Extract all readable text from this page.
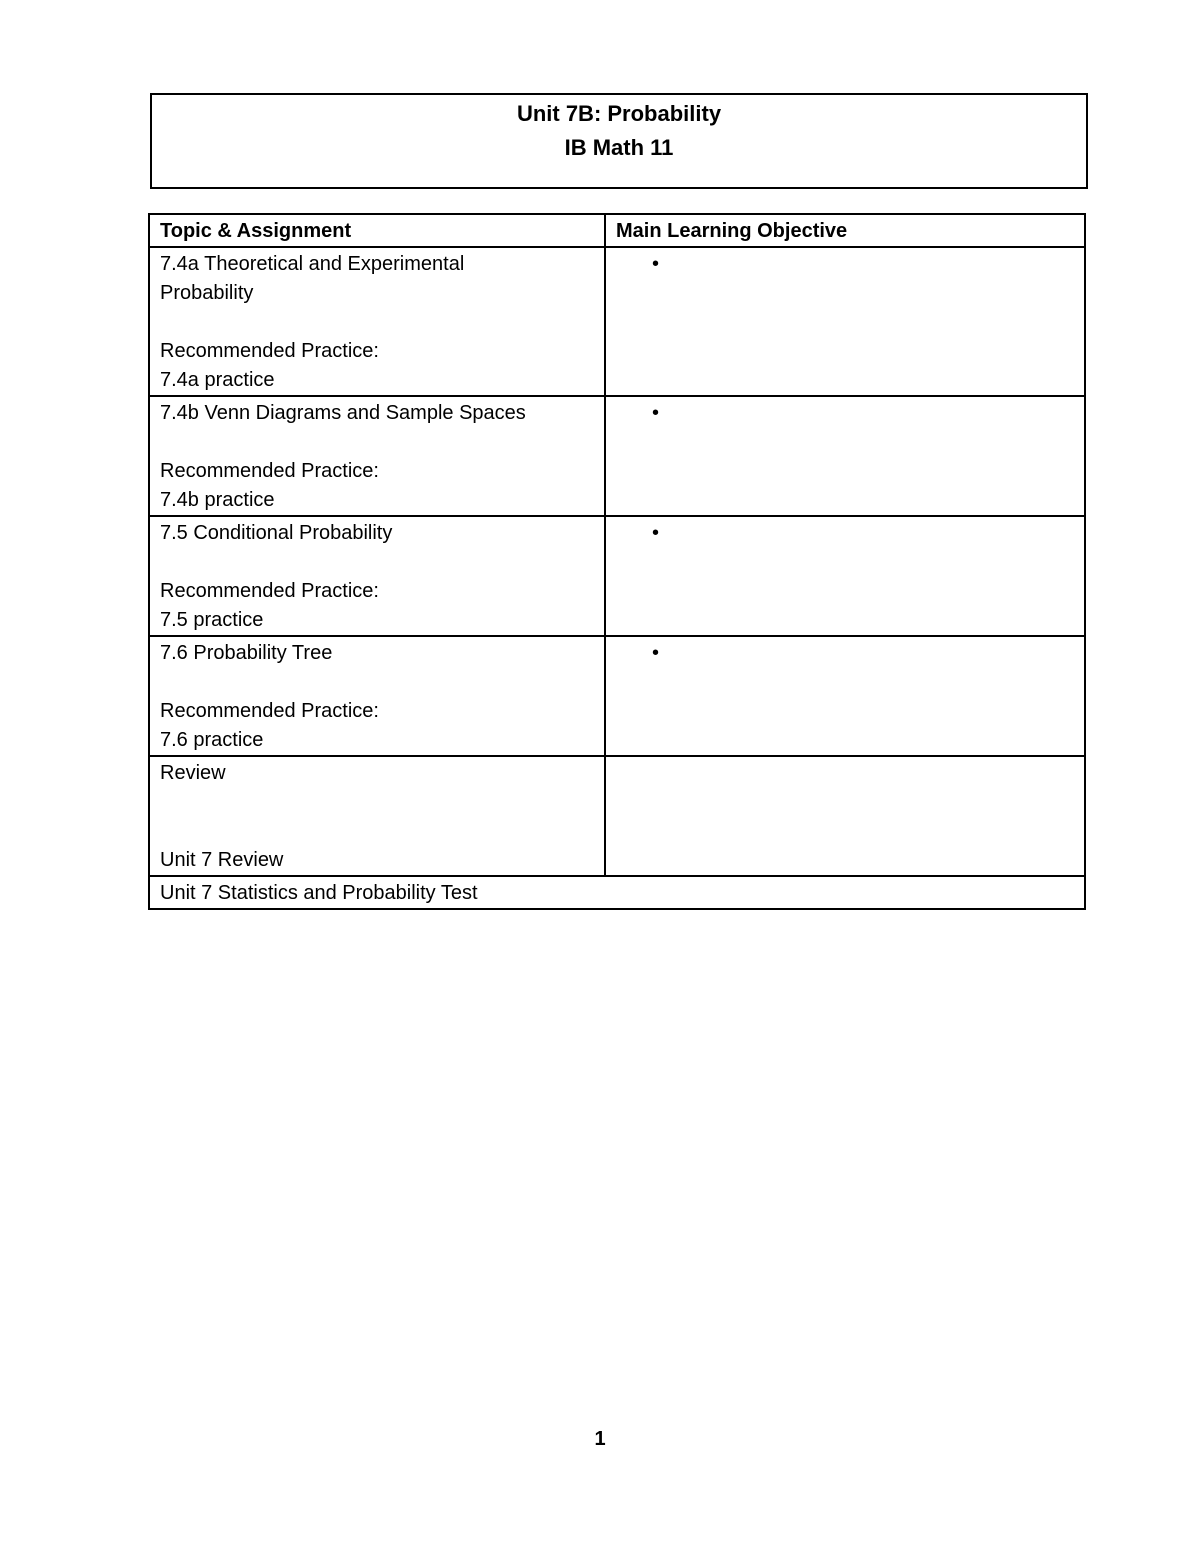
Unit 7B: Probability
IB Math 11
Topic & Assignment	Main Learning Objective

7.4a Theoretical and Experimental
Probability
Recommended Practice:
7.4a practice	•

7.4b Venn Diagrams and Sample Spaces
Recommended Practice:
7.4b practice	•

7.5 Conditional Probability
Recommended Practice:
7.5 practice	•

7.6 Probability Tree
Recommended Practice:
7.6 practice	•

Review
Unit 7 Review	

Unit 7 Statistics and Probability Test	
1
